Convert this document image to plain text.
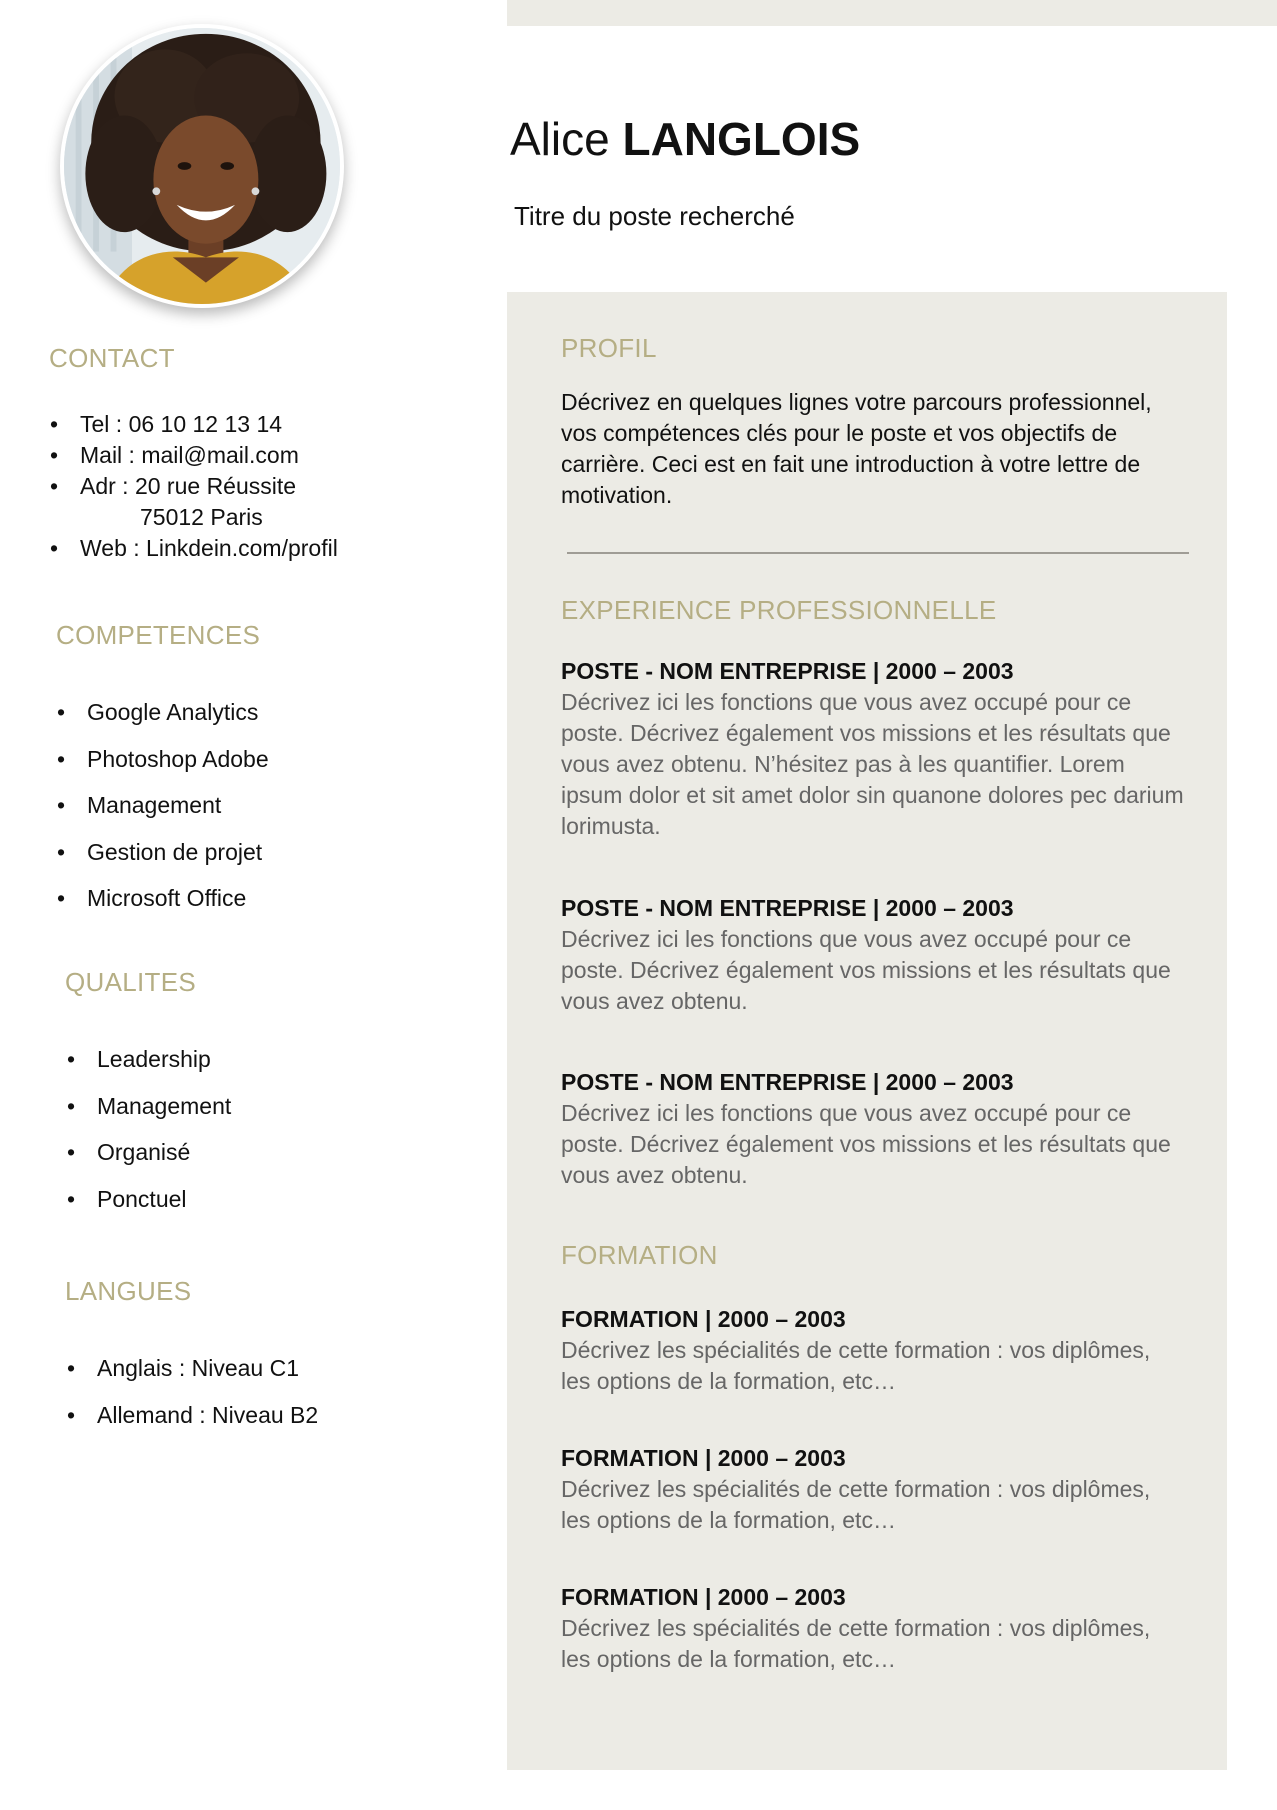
Alice LANGLOIS
Titre du poste recherché
CONTACT
• Tel : 06 10 12 13 14
• Mail : mail@mail.com
• Adr : 20 rue Réussite
75012 Paris
• Web : Linkdein.com/profil
COMPETENCES
• Google Analytics
• Photoshop Adobe
• Management
• Gestion de projet
• Microsoft Office
QUALITES
• Leadership
• Management
• Organisé
• Ponctuel
LANGUES
• Anglais : Niveau C1
• Allemand : Niveau B2
PROFIL
Décrivez en quelques lignes votre parcours professionnel, vos compétences clés pour le poste et vos objectifs de carrière. Ceci est en fait une introduction à votre lettre de motivation.
EXPERIENCE PROFESSIONNELLE
POSTE - NOM ENTREPRISE | 2000 – 2003
Décrivez ici les fonctions que vous avez occupé pour ce poste. Décrivez également vos missions et les résultats que vous avez obtenu. N’hésitez pas à les quantifier. Lorem ipsum dolor et sit amet dolor sin quanone dolores pec darium lorimusta.
POSTE - NOM ENTREPRISE | 2000 – 2003
Décrivez ici les fonctions que vous avez occupé pour ce poste. Décrivez également vos missions et les résultats que vous avez obtenu.
POSTE - NOM ENTREPRISE | 2000 – 2003
Décrivez ici les fonctions que vous avez occupé pour ce poste. Décrivez également vos missions et les résultats que vous avez obtenu.
FORMATION
FORMATION | 2000 – 2003
Décrivez les spécialités de cette formation : vos diplômes, les options de la formation, etc…
FORMATION | 2000 – 2003
Décrivez les spécialités de cette formation : vos diplômes, les options de la formation, etc…
FORMATION | 2000 – 2003
Décrivez les spécialités de cette formation : vos diplômes, les options de la formation, etc…
